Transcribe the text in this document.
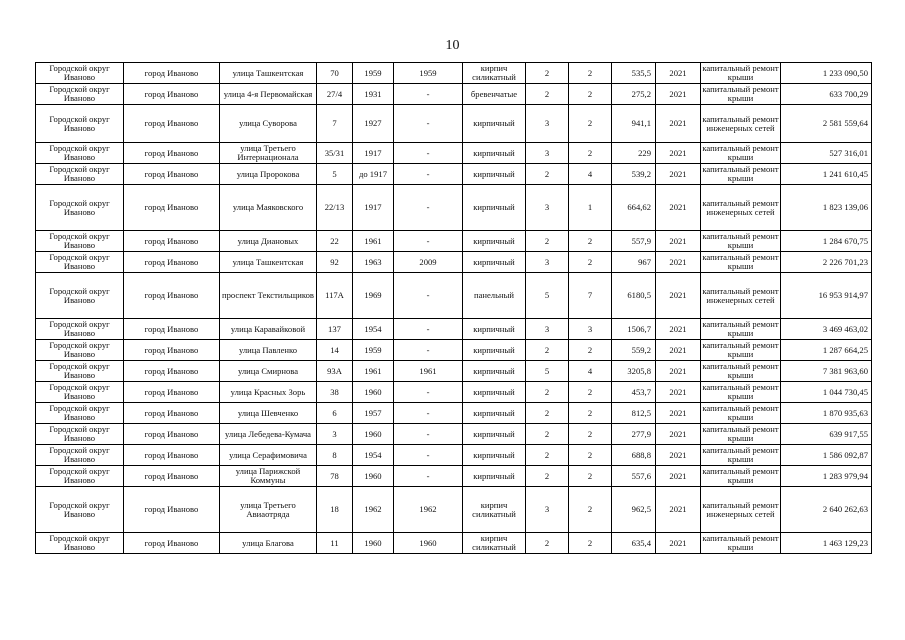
10
Городской округ Иваново	город Иваново	улица Ташкентская	70	1959	1959	кирпич силикатный	2	2	535,5	2021	капитальный ремонт крыши	1 233 090,50
Городской округ Иваново	город Иваново	улица 4-я Первомайская	27/4	1931	-	бревенчатые	2	2	275,2	2021	капитальный ремонт крыши	633 700,29
Городской округ Иваново	город Иваново	улица Суворова	7	1927	-	кирпичный	3	2	941,1	2021	капитальный ремонт инженерных сетей	2 581 559,64
Городской округ Иваново	город Иваново	улица Третьего Интернационала	35/31	1917	-	кирпичный	3	2	229	2021	капитальный ремонт крыши	527 316,01
Городской округ Иваново	город Иваново	улица Пророкова	5	до 1917	-	кирпичный	2	4	539,2	2021	капитальный ремонт крыши	1 241 610,45
Городской округ Иваново	город Иваново	улица Маяковского	22/13	1917	-	кирпичный	3	1	664,62	2021	капитальный ремонт инженерных сетей	1 823 139,06
Городской округ Иваново	город Иваново	улица Диановых	22	1961	-	кирпичный	2	2	557,9	2021	капитальный ремонт крыши	1 284 670,75
Городской округ Иваново	город Иваново	улица Ташкентская	92	1963	2009	кирпичный	3	2	967	2021	капитальный ремонт крыши	2 226 701,23
Городской округ Иваново	город Иваново	проспект Текстильщиков	117А	1969	-	панельный	5	7	6180,5	2021	капитальный ремонт инженерных сетей	16 953 914,97
Городской округ Иваново	город Иваново	улица Каравайковой	137	1954	-	кирпичный	3	3	1506,7	2021	капитальный ремонт крыши	3 469 463,02
Городской округ Иваново	город Иваново	улица Павленко	14	1959	-	кирпичный	2	2	559,2	2021	капитальный ремонт крыши	1 287 664,25
Городской округ Иваново	город Иваново	улица Смирнова	93А	1961	1961	кирпичный	5	4	3205,8	2021	капитальный ремонт крыши	7 381 963,60
Городской округ Иваново	город Иваново	улица Красных Зорь	38	1960	-	кирпичный	2	2	453,7	2021	капитальный ремонт крыши	1 044 730,45
Городской округ Иваново	город Иваново	улица Шевченко	6	1957	-	кирпичный	2	2	812,5	2021	капитальный ремонт крыши	1 870 935,63
Городской округ Иваново	город Иваново	улица Лебедева-Кумача	3	1960	-	кирпичный	2	2	277,9	2021	капитальный ремонт крыши	639 917,55
Городской округ Иваново	город Иваново	улица Серафимовича	8	1954	-	кирпичный	2	2	688,8	2021	капитальный ремонт крыши	1 586 092,87
Городской округ Иваново	город Иваново	улица Парижской Коммуны	78	1960	-	кирпичный	2	2	557,6	2021	капитальный ремонт крыши	1 283 979,94
Городской округ Иваново	город Иваново	улица Третьего Авиаотряда	18	1962	1962	кирпич силикатный	3	2	962,5	2021	капитальный ремонт инженерных сетей	2 640 262,63
Городской округ Иваново	город Иваново	улица Благова	11	1960	1960	кирпич силикатный	2	2	635,4	2021	капитальный ремонт крыши	1 463 129,23
